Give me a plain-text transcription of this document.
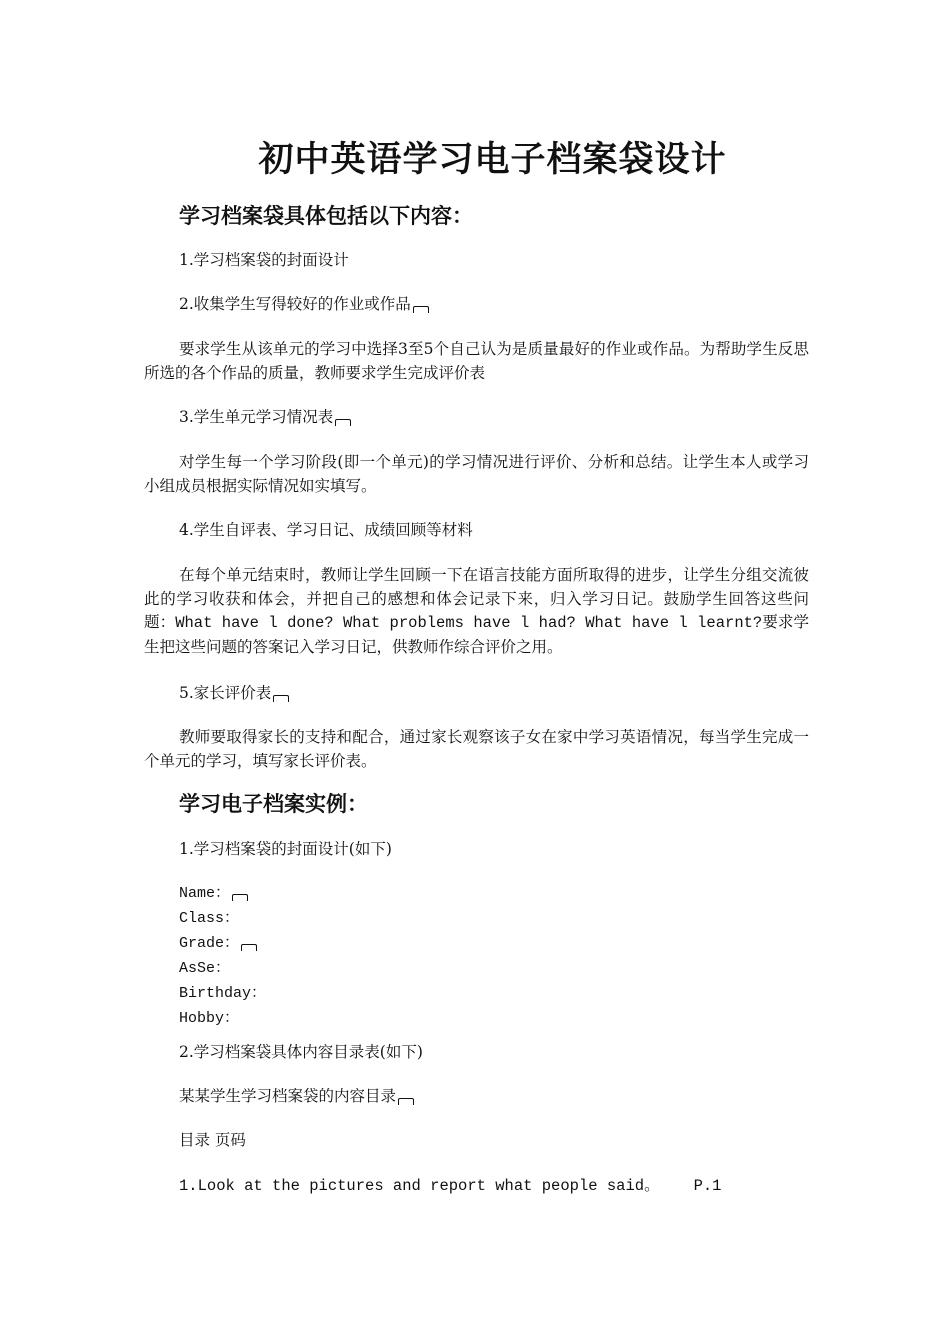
初中英语学习电子档案袋设计
学习档案袋具体包括以下内容：

1.学习档案袋的封面设计

2.收集学生写得较好的作业或作品

要求学生从该单元的学习中选择3至5个自己认为是质量最好的作业或作品。为帮助学生反思所选的各个作品的质量，教师要求学生完成评价表

3.学生单元学习情况表

对学生每一个学习阶段(即一个单元)的学习情况进行评价、分析和总结。让学生本人或学习小组成员根据实际情况如实填写。

4.学生自评表、学习日记、成绩回顾等材料

在每个单元结束时，教师让学生回顾一下在语言技能方面所取得的进步，让学生分组交流彼此的学习收获和体会，并把自己的感想和体会记录下来，归入学习日记。鼓励学生回答这些问题：What have l done? What problems have l had? What have l learnt?要求学生把这些问题的答案记入学习日记，供教师作综合评价之用。

5.家长评价表

教师要取得家长的支持和配合，通过家长观察该子女在家中学习英语情况，每当学生完成一个单元的学习，填写家长评价表。

学习电子档案实例：

1.学习档案袋的封面设计(如下)

Name：

Class：

Grade：

AsSe：

Birthday：

Hobby：

2.学习档案袋具体内容目录表(如下)

某某学生学习档案袋的内容目录

目录 页码

1.Look at the pictures and report what people said。 P.1
